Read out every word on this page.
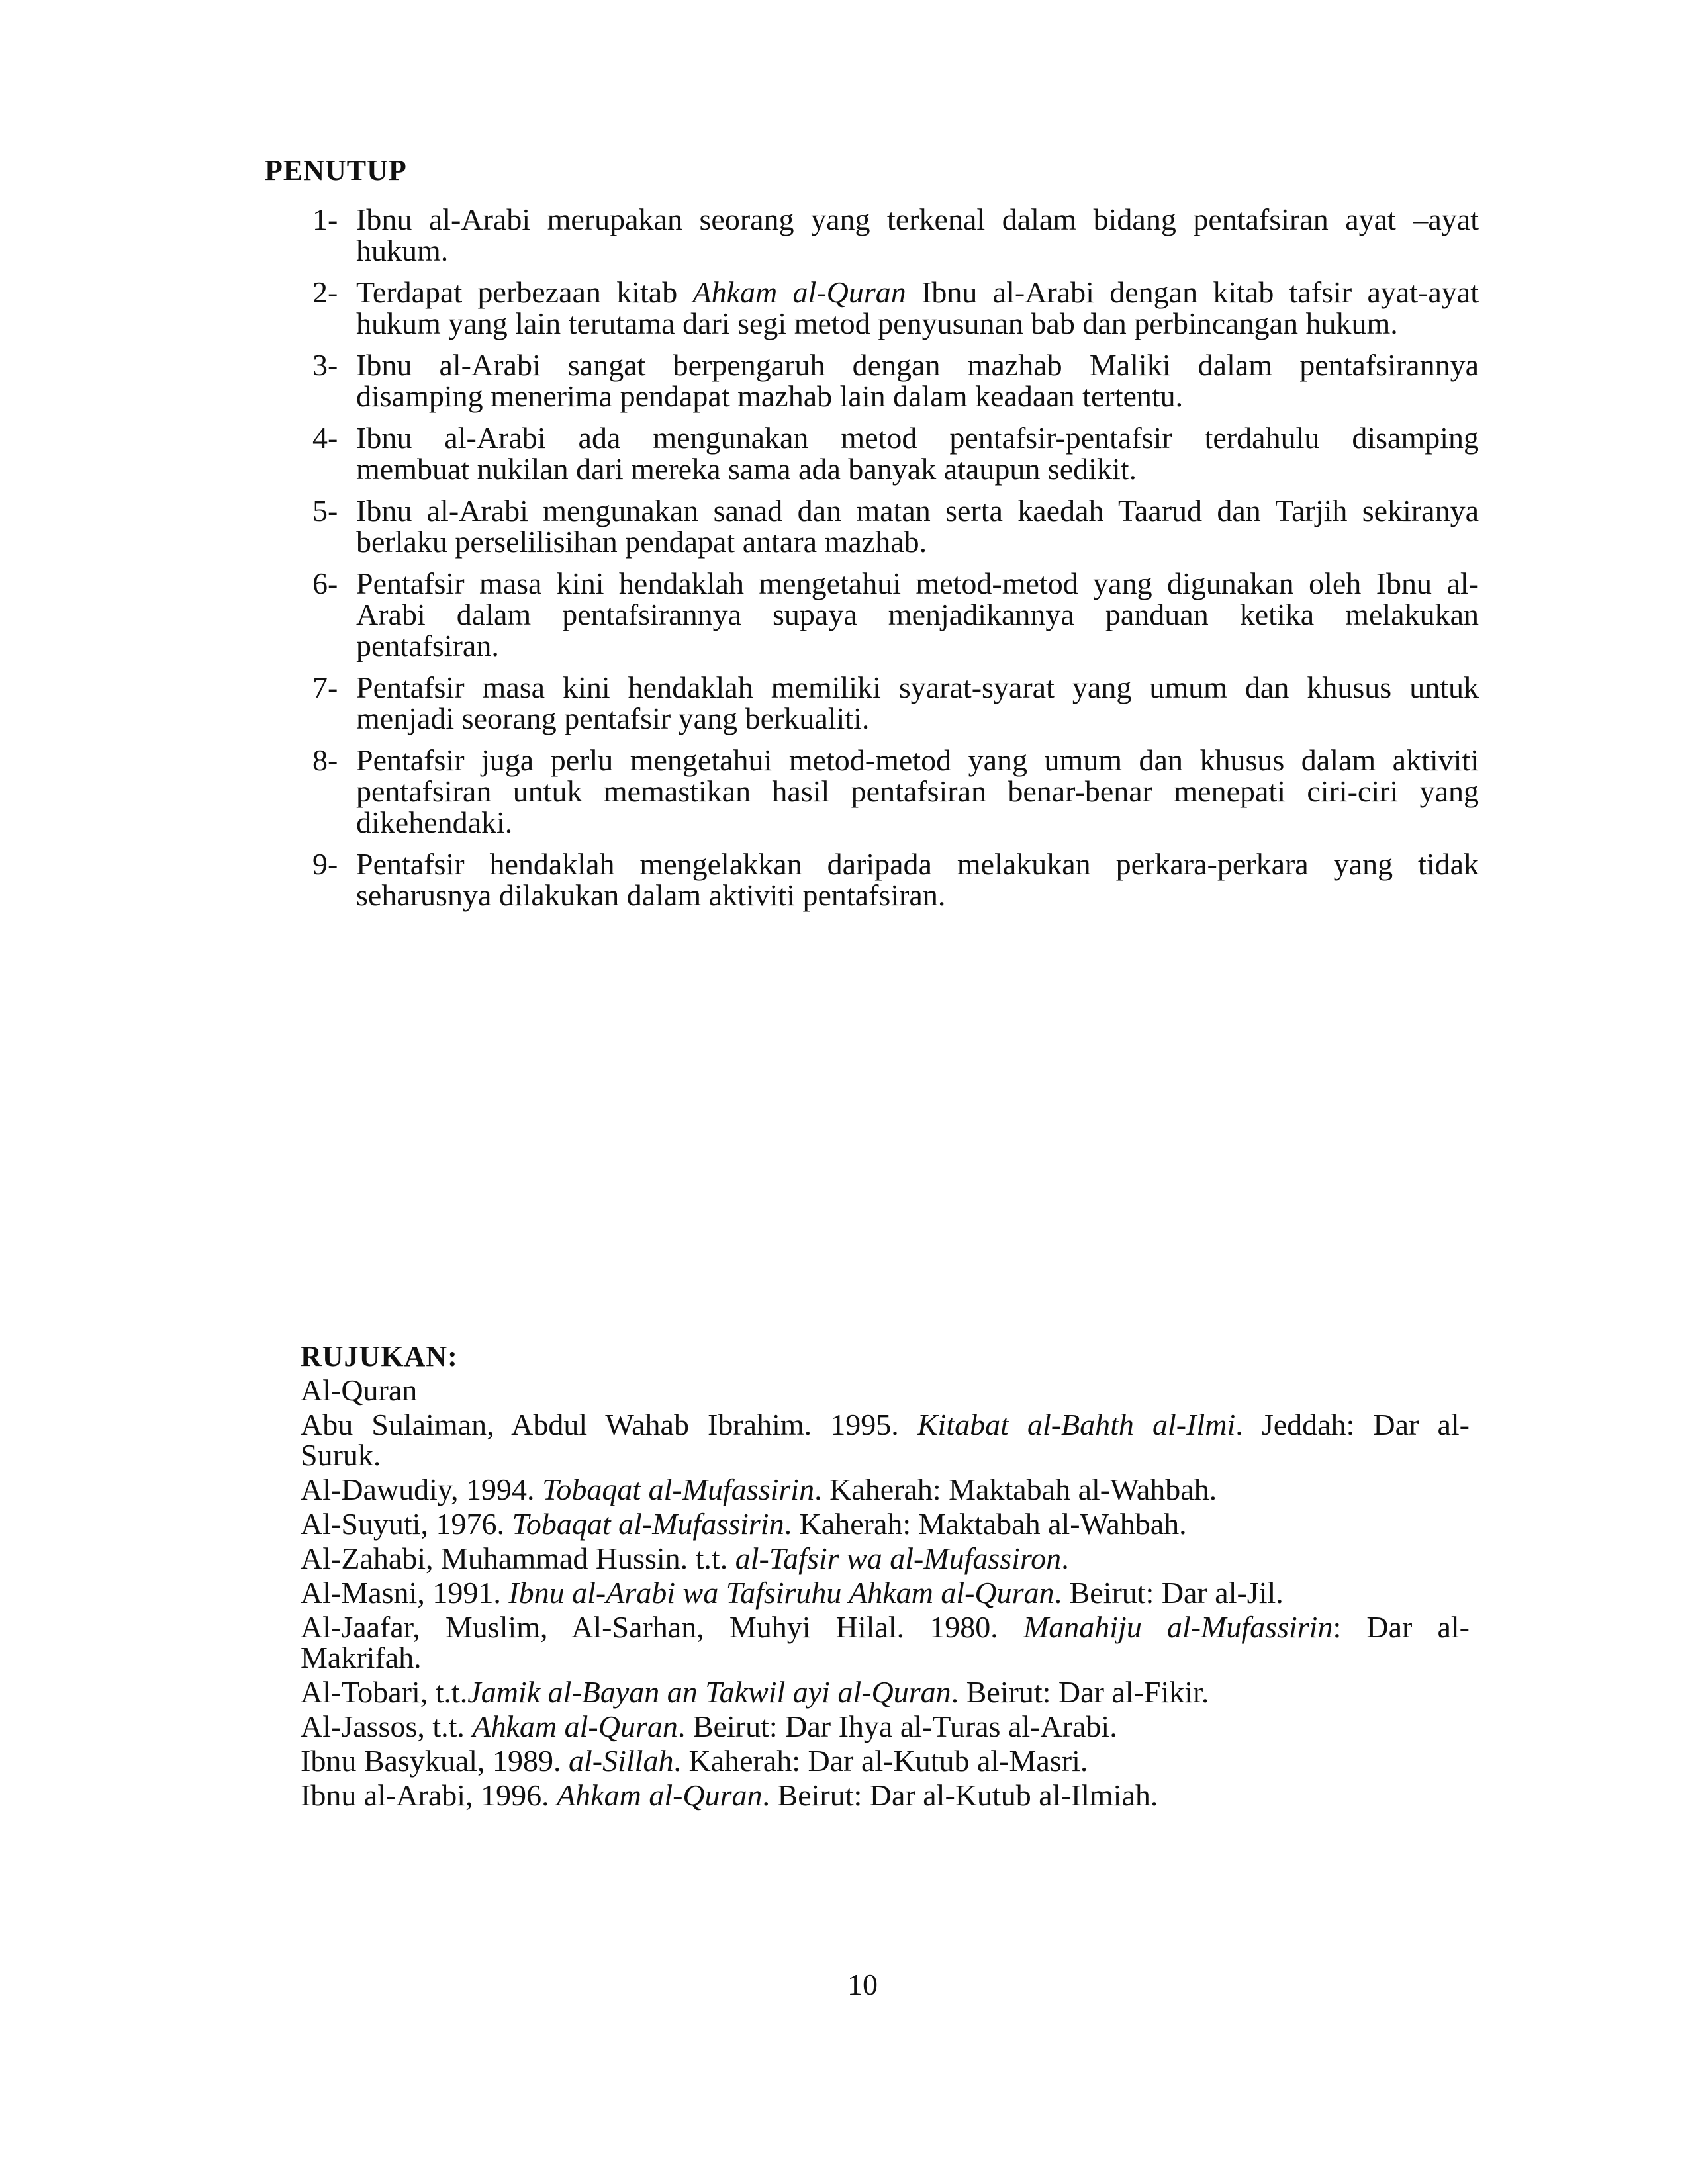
PENUTUP
1- Ibnu al-Arabi merupakan seorang yang terkenal dalam bidang pentafsiran ayat –ayat
hukum.
2- Terdapat perbezaan kitab Ahkam al-Quran Ibnu al-Arabi dengan kitab tafsir ayat-ayat
hukum yang lain terutama dari segi metod penyusunan bab dan perbincangan hukum.
3- Ibnu al-Arabi sangat berpengaruh dengan mazhab Maliki dalam pentafsirannya
disamping menerima pendapat mazhab lain dalam keadaan tertentu.
4- Ibnu al-Arabi ada mengunakan metod pentafsir-pentafsir terdahulu disamping
membuat nukilan dari mereka sama ada banyak ataupun sedikit.
5- Ibnu al-Arabi mengunakan sanad dan matan serta kaedah Taarud dan Tarjih sekiranya
berlaku perselilisihan pendapat antara mazhab.
6- Pentafsir masa kini hendaklah mengetahui metod-metod yang digunakan oleh Ibnu al-
Arabi dalam pentafsirannya supaya menjadikannya panduan ketika melakukan
pentafsiran.
7- Pentafsir masa kini hendaklah memiliki syarat-syarat yang umum dan khusus untuk
menjadi seorang pentafsir yang berkualiti.
8- Pentafsir juga perlu mengetahui metod-metod yang umum dan khusus dalam aktiviti
pentafsiran untuk memastikan hasil pentafsiran benar-benar menepati ciri-ciri yang
dikehendaki.
9- Pentafsir hendaklah mengelakkan daripada melakukan perkara-perkara yang tidak
seharusnya dilakukan dalam aktiviti pentafsiran.
RUJUKAN:
Al-Quran
Abu Sulaiman, Abdul Wahab Ibrahim. 1995. Kitabat al-Bahth al-Ilmi. Jeddah: Dar al-
Suruk.
Al-Dawudiy, 1994. Tobaqat al-Mufassirin. Kaherah: Maktabah al-Wahbah.
Al-Suyuti, 1976. Tobaqat al-Mufassirin. Kaherah: Maktabah al-Wahbah.
Al-Zahabi, Muhammad Hussin. t.t. al-Tafsir wa al-Mufassiron.
Al-Masni, 1991. Ibnu al-Arabi wa Tafsiruhu Ahkam al-Quran. Beirut: Dar al-Jil.
Al-Jaafar, Muslim, Al-Sarhan, Muhyi Hilal. 1980. Manahiju al-Mufassirin: Dar al-
Makrifah.
Al-Tobari, t.t.Jamik al-Bayan an Takwil ayi al-Quran. Beirut: Dar al-Fikir.
Al-Jassos, t.t. Ahkam al-Quran. Beirut: Dar Ihya al-Turas al-Arabi.
Ibnu Basykual, 1989. al-Sillah. Kaherah: Dar al-Kutub al-Masri.
Ibnu al-Arabi, 1996. Ahkam al-Quran. Beirut: Dar al-Kutub al-Ilmiah.
10
